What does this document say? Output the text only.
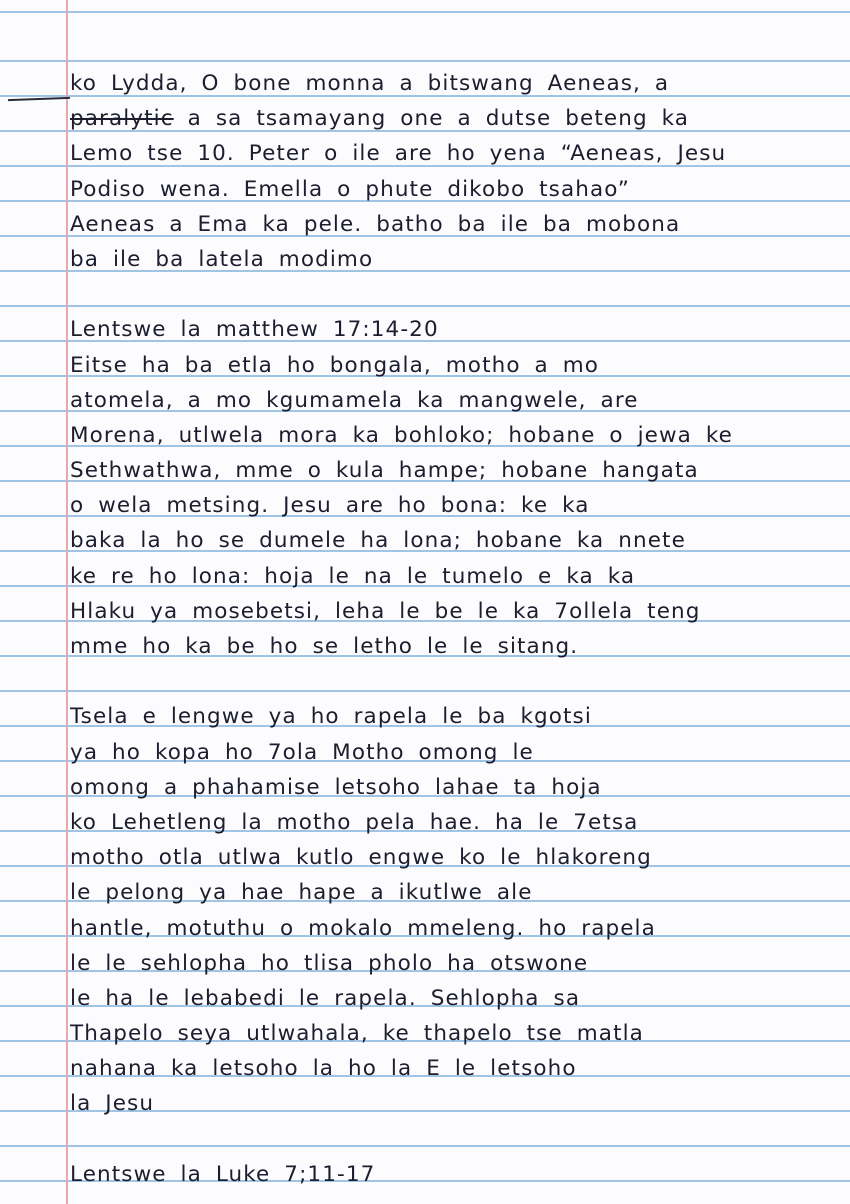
ko Lydda, O bone monna a bitswang Aeneas, a
paralytic a sa tsamayang one a dutse beteng ka
Lemo tse 10. Peter o ile are ho yena “Aeneas, Jesu
Podiso wena. Emella o phute dikobo tsahao”
Aeneas a Ema ka pele. batho ba ile ba mobona
ba ile ba latela modimo
Lentswe la matthew 17:14-20
Eitse ha ba etla ho bongala, motho a mo
atomela, a mo kgumamela ka mangwele, are
Morena, utlwela mora ka bohloko; hobane o jewa ke
Sethwathwa, mme o kula hampe; hobane hangata
o wela metsing. Jesu are ho bona: ke ka
baka la ho se dumele ha lona; hobane ka nnete
ke re ho lona: hoja le na le tumelo e ka ka
Hlaku ya mosebetsi, leha le be le ka 7ollela teng
mme ho ka be ho se letho le le sitang.
Tsela e lengwe ya ho rapela le ba kgotsi
ya ho kopa ho 7ola Motho omong le
omong a phahamise letsoho lahae ta hoja
ko Lehetleng la motho pela hae. ha le 7etsa
motho otla utlwa kutlo engwe ko le hlakoreng
le pelong ya hae hape a ikutlwe ale
hantle, motuthu o mokalo mmeleng. ho rapela
le le sehlopha ho tlisa pholo ha otswone
le ha le lebabedi le rapela. Sehlopha sa
Thapelo seya utlwahala, ke thapelo tse matla
nahana ka letsoho la ho la E le letsoho
la Jesu
Lentswe la Luke 7;11-17
